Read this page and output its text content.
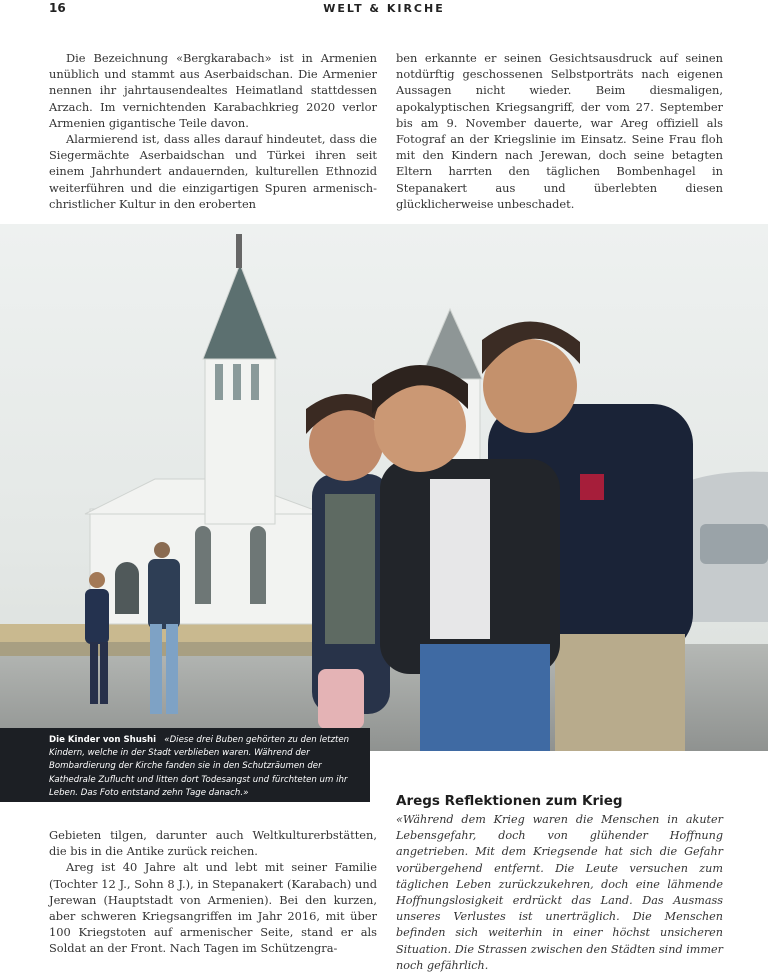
16	WELT & KIRCHE

Die Bezeichnung «Bergkarabach» ist in Armenien unüblich und stammt aus Aserbaidschan. Die Armenier nennen ihr jahrtausendealtes Heimatland stattdessen Arzach. Im vernichtenden Karabachkrieg 2020 verlor Armenien gigantische Teile davon.

Alarmierend ist, dass alles darauf hindeutet, dass die Siegermächte Aserbaidschan und Türkei ihren seit einem Jahrhundert andauernden, kulturellen Ethnozid weiterführen und die einzigartigen Spuren armenisch-christlicher Kultur in den eroberten

ben erkannte er seinen Gesichtsausdruck auf seinen notdürftig geschossenen Selbstporträts nach eigenen Aussagen nicht wieder. Beim diesmaligen, apokalyptischen Kriegsangriff, der vom 27. September bis am 9. November dauerte, war Areg offiziell als Fotograf an der Kriegslinie im Einsatz. Seine Frau floh mit den Kindern nach Jerewan, doch seine betagten Eltern harrten den täglichen Bombenhagel in Stepanakert aus und überlebten diesen glücklicherweise unbeschadet.

Die Kinder von Shushi «Diese drei Buben gehörten zu den letzten Kindern, welche in der Stadt verblieben waren. Während der Bombardierung der Kirche fanden sie in den Schutzräumen der Kathedrale Zuflucht und litten dort Todesangst und fürchteten um ihr Leben. Das Foto entstand zehn Tage danach.»

Gebieten tilgen, darunter auch Weltkulturerbstätten, die bis in die Antike zurück reichen.

Areg ist 40 Jahre alt und lebt mit seiner Familie (Tochter 12 J., Sohn 8 J.), in Stepanakert (Karabach) und Jerewan (Hauptstadt von Armenien). Bei den kurzen, aber schweren Kriegsangriffen im Jahr 2016, mit über 100 Kriegstoten auf armenischer Seite, stand er als Soldat an der Front. Nach Tagen im Schützengra-

Aregs Reflektionen zum Krieg

«Während dem Krieg waren die Menschen in akuter Lebensgefahr, doch von glühender Hoffnung angetrieben. Mit dem Kriegsende hat sich die Gefahr vorübergehend entfernt. Die Leute versuchen zum täglichen Leben zurückzukehren, doch eine lähmende Hoffnungslosigkeit erdrückt das Land. Das Ausmass unseres Verlustes ist unerträglich. Die Menschen befinden sich weiterhin in einer höchst unsicheren Situation. Die Strassen zwischen den Städten sind immer noch gefährlich.
